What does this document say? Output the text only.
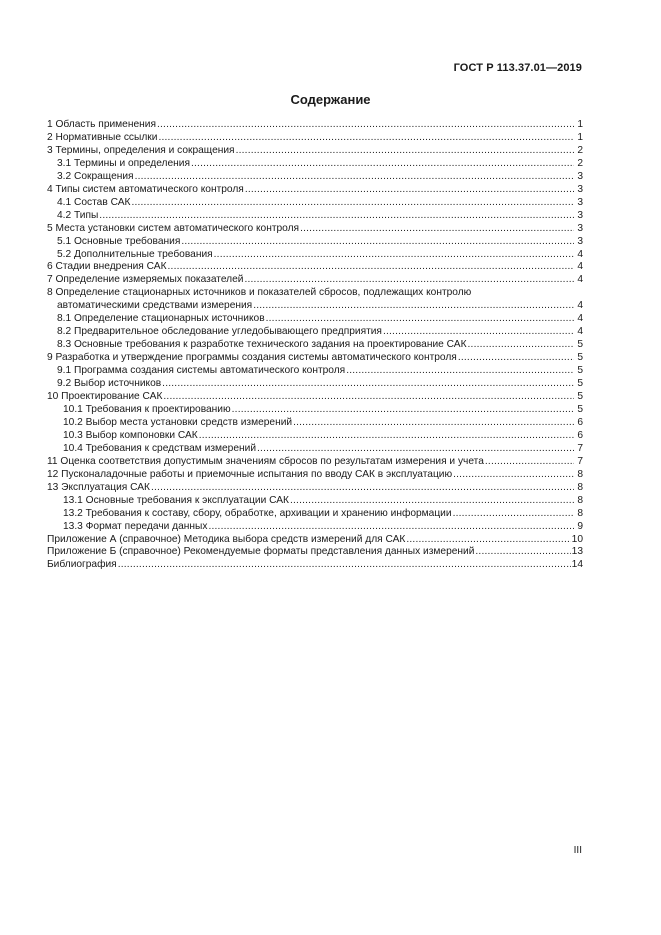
ГОСТ Р 113.37.01—2019
Содержание
1 Область применения .....	1
2 Нормативные ссылки .....	1
3 Термины, определения и сокращения .....	2
3.1 Термины и определения .....	2
3.2 Сокращения .....	3
4 Типы систем автоматического контроля .....	3
4.1 Состав САК .....	3
4.2 Типы .....	3
5 Места установки систем автоматического контроля .....	3
5.1 Основные требования .....	3
5.2 Дополнительные требования .....	4
6 Стадии внедрения САК .....	4
7 Определение измеряемых показателей .....	4
8 Определение стационарных источников и показателей сбросов, подлежащих контролю
автоматическими средствами измерения .....	4
8.1 Определение стационарных источников .....	4
8.2 Предварительное обследование угледобывающего предприятия .....	4
8.3 Основные требования к разработке технического задания на проектирование САК .....	5
9 Разработка и утверждение программы создания системы автоматического контроля .....	5
9.1 Программа создания системы автоматического контроля .....	5
9.2 Выбор источников .....	5
10 Проектирование САК .....	5
10.1 Требования к проектированию .....	5
10.2 Выбор места установки средств измерений .....	6
10.3 Выбор компоновки САК .....	6
10.4 Требования к средствам измерений .....	7
11 Оценка соответствия допустимым значениям сбросов по результатам измерения и учета .....	7
12 Пусконаладочные работы и приемочные испытания по вводу САК в эксплуатацию .....	8
13 Эксплуатация САК .....	8
13.1 Основные требования к эксплуатации САК .....	8
13.2 Требования к составу, сбору, обработке, архивации и хранению информации .....	8
13.3 Формат передачи данных .....	9
Приложение А (справочное) Методика выбора средств измерений для САК .....	10
Приложение Б (справочное) Рекомендуемые форматы представления данных измерений .....	13
Библиография .....	14
III
